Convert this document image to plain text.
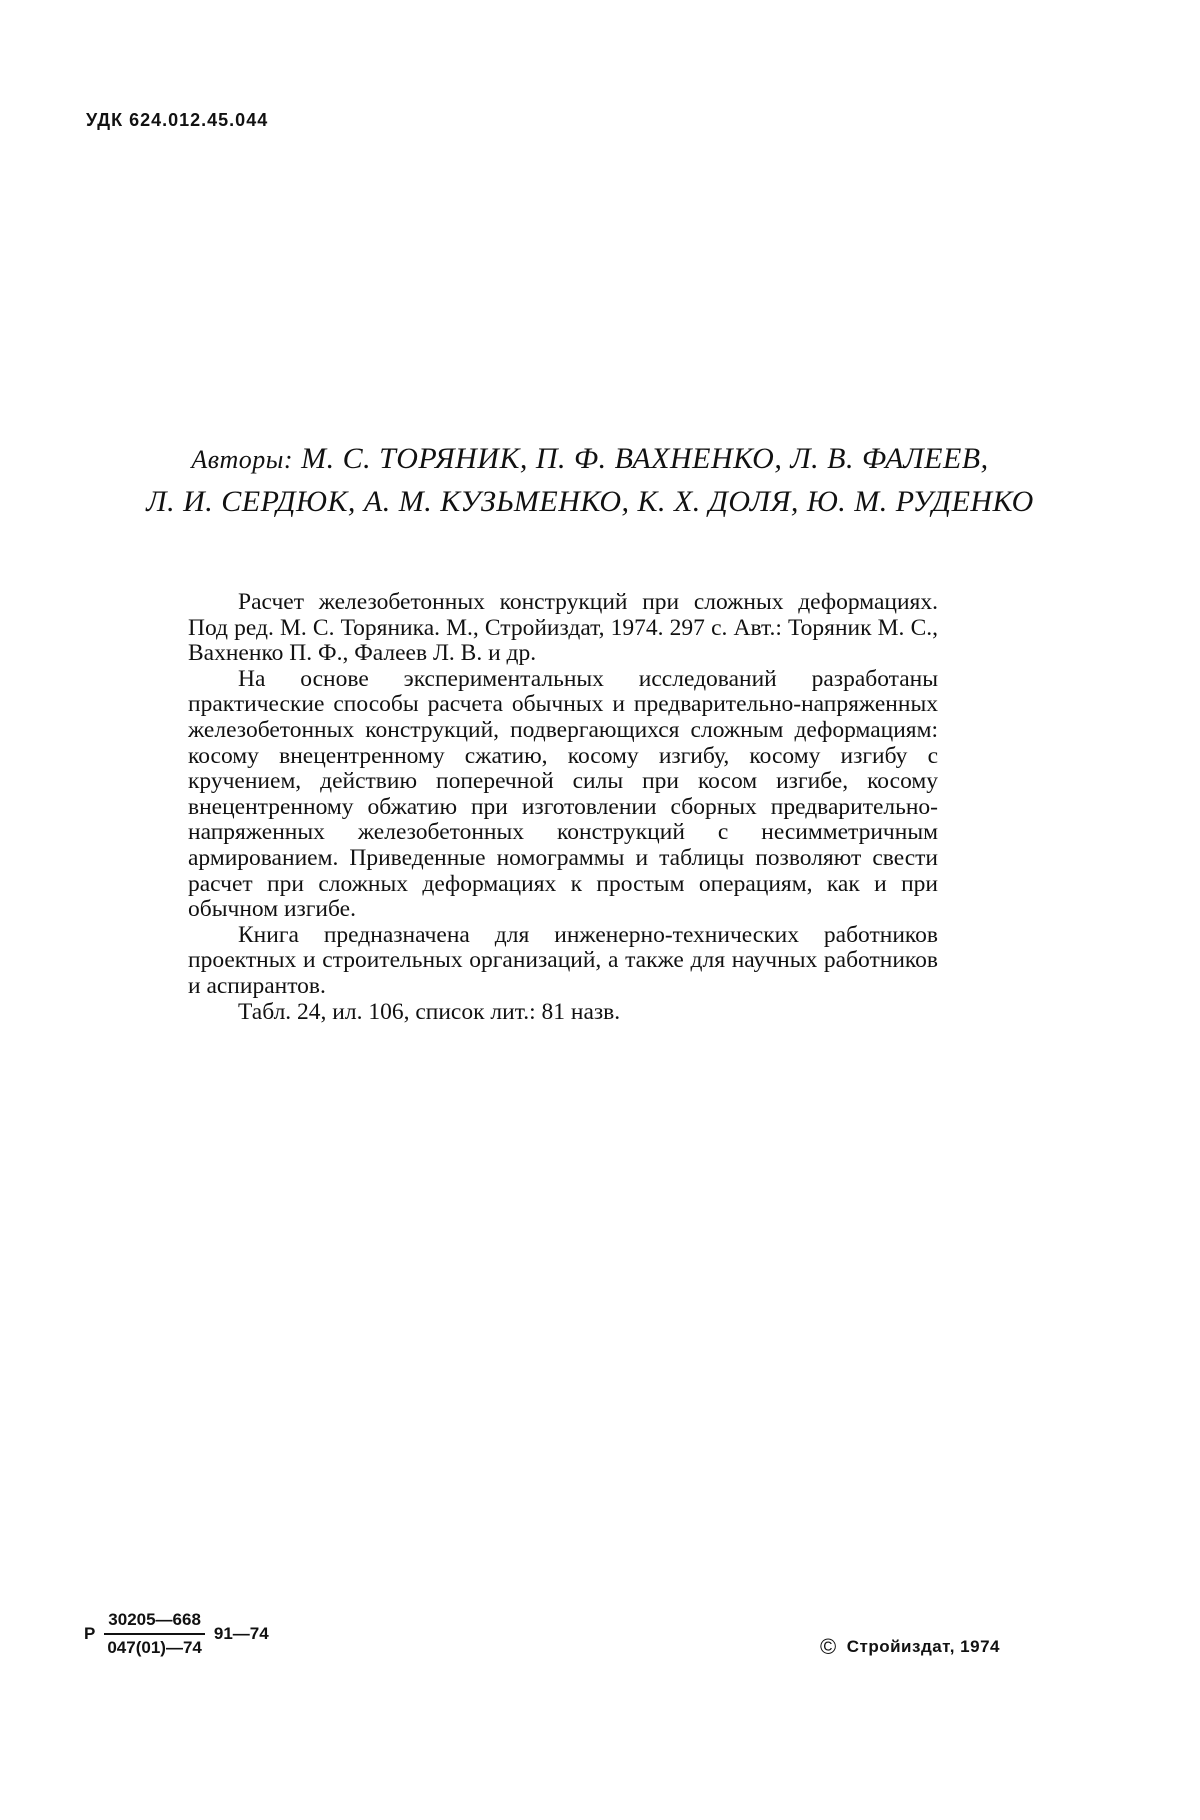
УДК 624.012.45.044
Авторы: М. С. ТОРЯНИК, П. Ф. ВАХНЕНКО, Л. В. ФАЛЕЕВ,
Л. И. СЕРДЮК, А. М. КУЗЬМЕНКО, К. Х. ДОЛЯ, Ю. М. РУДЕНКО

Расчет железобетонных конструкций при сложных деформациях. Под ред. М. С. Торяника. М., Стройиздат, 1974. 297 с. Авт.: Торяник М. С., Вахненко П. Ф., Фалеев Л. В. и др.

На основе экспериментальных исследований разработаны практические способы расчета обычных и предварительно-напряженных железобетонных конструкций, подвергающихся сложным деформациям: косому внецентренному сжатию, косому изгибу, косому изгибу с кручением, действию поперечной силы при косом изгибе, косому внецентренному обжатию при изготовлении сборных предварительно-напряженных железобетонных конструкций с несимметричным армированием. Приведенные номограммы и таблицы позволяют свести расчет при сложных деформациях к простым операциям, как и при обычном изгибе.

Книга предназначена для инженерно-технических работников проектных и строительных организаций, а также для научных работников и аспирантов.

Табл. 24, ил. 106, список лит.: 81 назв.

Р $\frac{30205—668}{047(01)—74}$ 91—74
© Стройиздат, 1974
